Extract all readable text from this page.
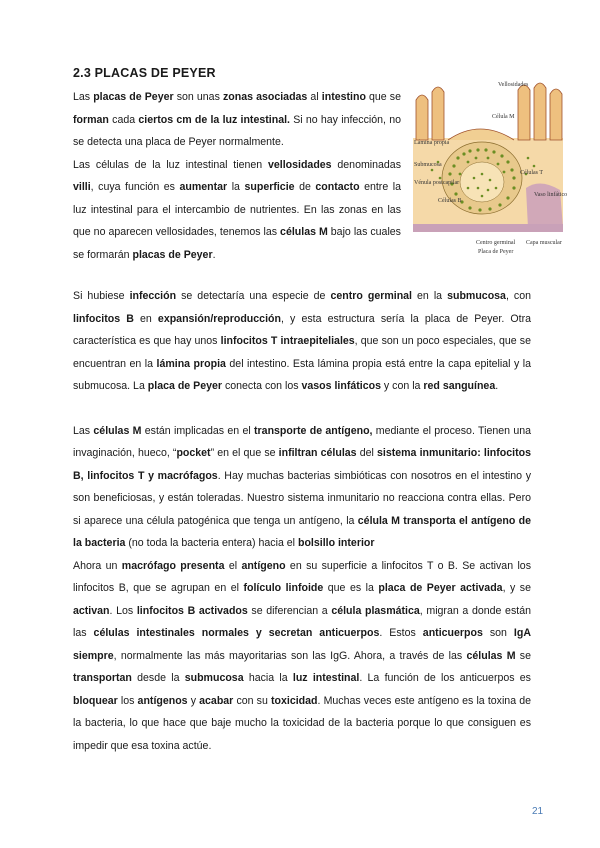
2.3 PLACAS DE PEYER

Las placas de Peyer son unas zonas asociadas al intestino que se forman cada ciertos cm de la luz intestinal. Si no hay infección, no se detecta una placa de Peyer normalmente.

Las células de la luz intestinal tienen vellosidades denominadas villi, cuya función es aumentar la superficie de contacto entre la luz intestinal para el intercambio de nutrientes. En las zonas en las que no aparecen vellosidades, tenemos las células M bajo las cuales se formarán placas de Peyer.

Vellosidades
Célula M
Lámina propia
Submucosa
Vénula postcapilar
Células B
Células T
Vaso linfático
Centro germinal
Placa de Peyer
Capa muscular

Si hubiese infección se detectaría una especie de centro germinal en la submucosa, con linfocitos B en expansión/reproducción, y esta estructura sería la placa de Peyer. Otra característica es que hay unos linfocitos T intraepiteliales, que son un poco especiales, que se encuentran en la lámina propia del intestino. Esta lámina propia está entre la capa epitelial y la submucosa. La placa de Peyer conecta con los vasos linfáticos y con la red sanguínea.

Las células M están implicadas en el transporte de antígeno, mediante el proceso. Tienen una invaginación, hueco, “pocket” en el que se infiltran células del sistema inmunitario: linfocitos B, linfocitos T y macrófagos. Hay muchas bacterias simbióticas con nosotros en el intestino y son beneficiosas, y están toleradas. Nuestro sistema inmunitario no reacciona contra ellas. Pero si aparece una célula patogénica que tenga un antígeno, la célula M transporta el antígeno de la bacteria (no toda la bacteria entera) hacia el bolsillo interior

Ahora un macrófago presenta el antígeno en su superficie a linfocitos T o B. Se activan los linfocitos B, que se agrupan en el folículo linfoide que es la placa de Peyer activada, y se activan. Los linfocitos B activados se diferencian a célula plasmática, migran a donde están las células intestinales normales y secretan anticuerpos. Estos anticuerpos son IgA siempre, normalmente las más mayoritarias son las IgG. Ahora, a través de las células M se transportan desde la submucosa hacia la luz intestinal. La función de los anticuerpos es bloquear los antígenos y acabar con su toxicidad. Muchas veces este antígeno es la toxina de la bacteria, lo que hace que baje mucho la toxicidad de la bacteria porque lo que consiguen es impedir que esa toxina actúe.

21
